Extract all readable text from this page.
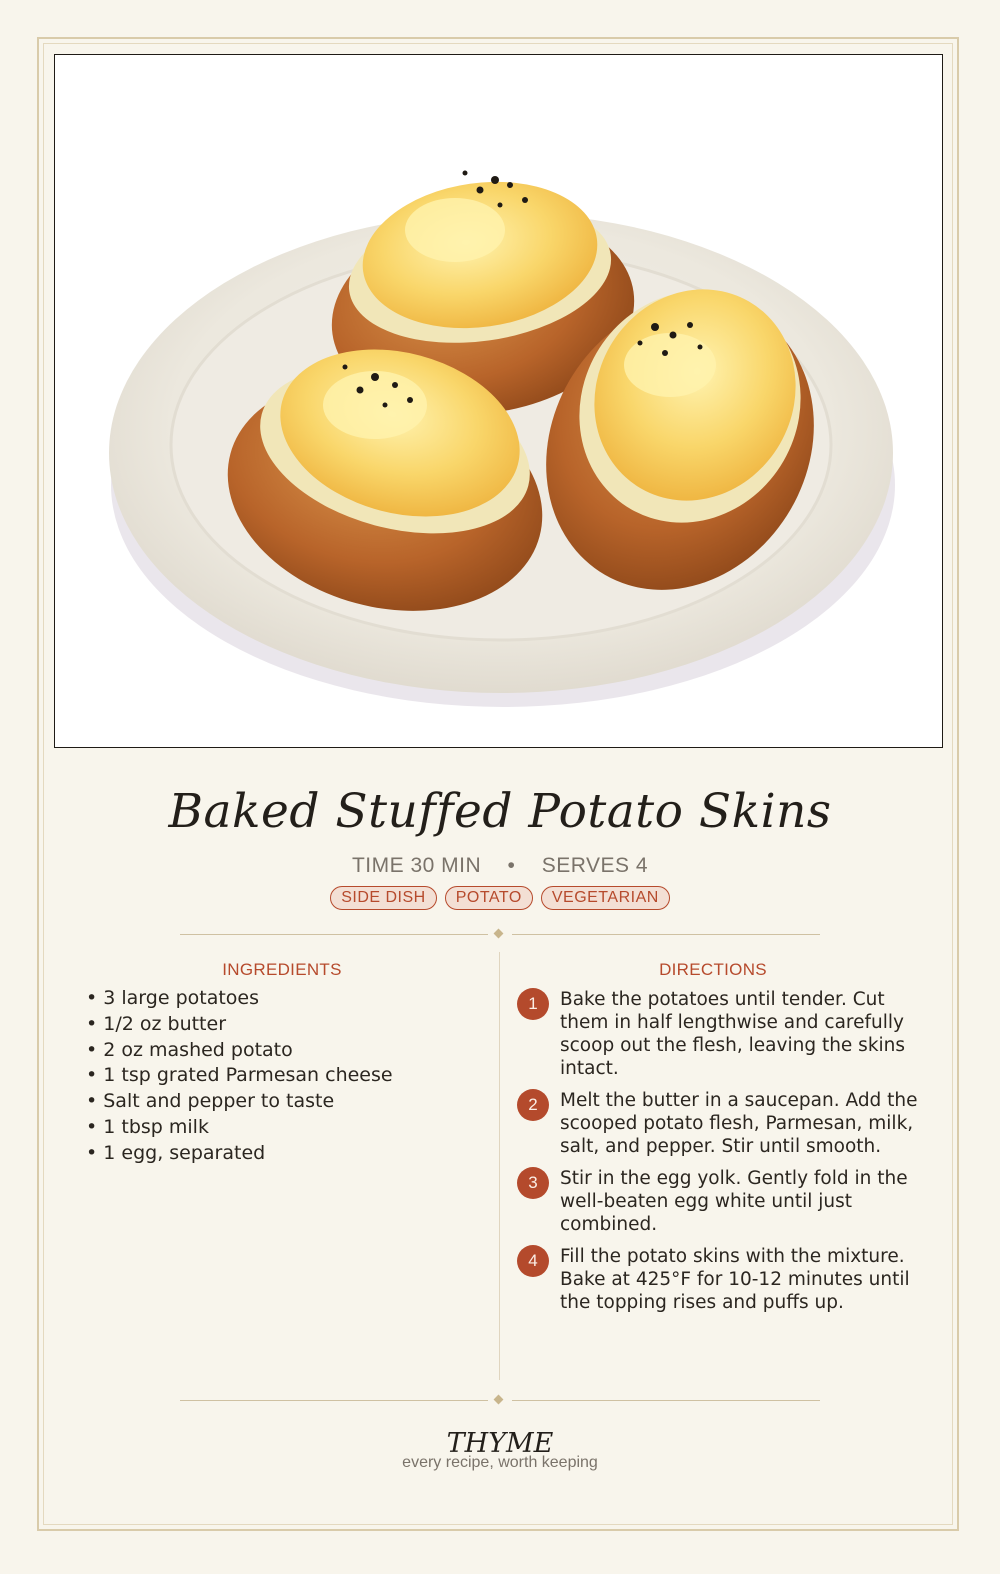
Baked Stuffed Potato Skins
TIME 30 MIN • SERVES 4
SIDE DISH POTATO VEGETARIAN
INGREDIENTS
• 3 large potatoes
• 1/2 oz butter
• 2 oz mashed potato
• 1 tsp grated Parmesan cheese
• Salt and pepper to taste
• 1 tbsp milk
• 1 egg, separated
DIRECTIONS
1	Bake the potatoes until tender. Cut them in half lengthwise and carefully scoop out the flesh, leaving the skins intact.
2	Melt the butter in a saucepan. Add the scooped potato flesh, Parmesan, milk, salt, and pepper. Stir until smooth.
3	Stir in the egg yolk. Gently fold in the well-beaten egg white until just combined.
4	Fill the potato skins with the mixture. Bake at 425°F for 10-12 minutes until the topping rises and puffs up.
THYME
every recipe, worth keeping
